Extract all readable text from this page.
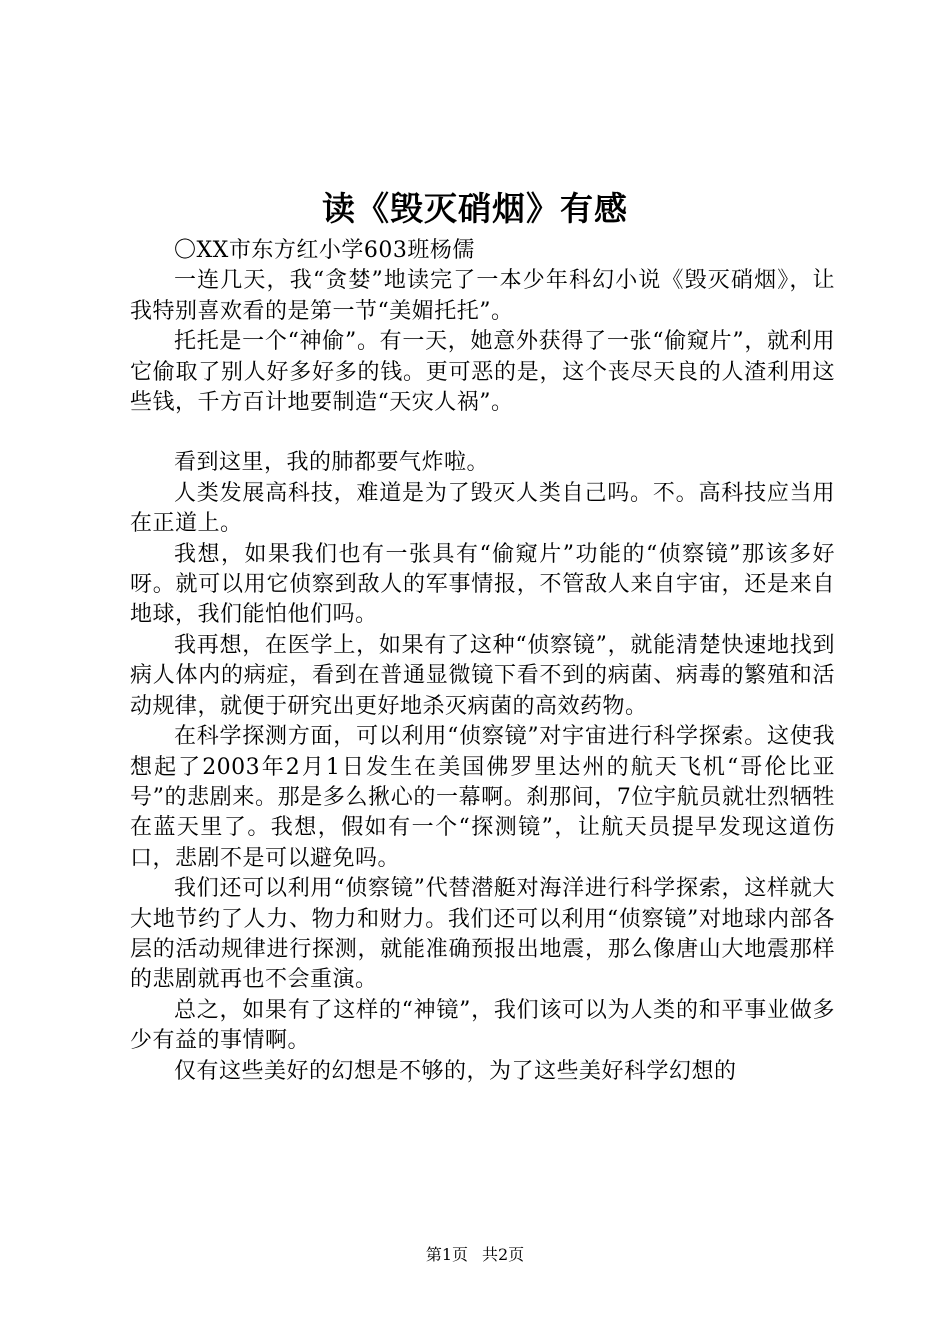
读《毁灭硝烟》有感

〇XX市东方红小学603班杨儒

一连几天，我“贪婪”地读完了一本少年科幻小说《毁灭硝烟》，让我特别喜欢看的是第一节“美媚托托”。

托托是一个“神偷”。有一天，她意外获得了一张“偷窥片”，就利用它偷取了别人好多好多的钱。更可恶的是，这个丧尽天良的人渣利用这些钱，千方百计地要制造“天灾人祸”。

看到这里，我的肺都要气炸啦。

人类发展高科技，难道是为了毁灭人类自己吗。不。高科技应当用在正道上。

我想，如果我们也有一张具有“偷窥片”功能的“侦察镜”那该多好呀。就可以用它侦察到敌人的军事情报，不管敌人来自宇宙，还是来自地球，我们能怕他们吗。

我再想，在医学上，如果有了这种“侦察镜”，就能清楚快速地找到病人体内的病症，看到在普通显微镜下看不到的病菌、病毒的繁殖和活动规律，就便于研究出更好地杀灭病菌的高效药物。

在科学探测方面，可以利用“侦察镜”对宇宙进行科学探索。这使我想起了2003年2月1日发生在美国佛罗里达州的航天飞机“哥伦比亚号”的悲剧来。那是多么揪心的一幕啊。刹那间，7位宇航员就壮烈牺牲在蓝天里了。我想，假如有一个“探测镜”，让航天员提早发现这道伤口，悲剧不是可以避免吗。

我们还可以利用“侦察镜”代替潜艇对海洋进行科学探索，这样就大大地节约了人力、物力和财力。我们还可以利用“侦察镜”对地球内部各层的活动规律进行探测，就能准确预报出地震，那么像唐山大地震那样的悲剧就再也不会重演。

总之，如果有了这样的“神镜”，我们该可以为人类的和平事业做多少有益的事情啊。

仅有这些美好的幻想是不够的，为了这些美好科学幻想的

第1页 共2页
